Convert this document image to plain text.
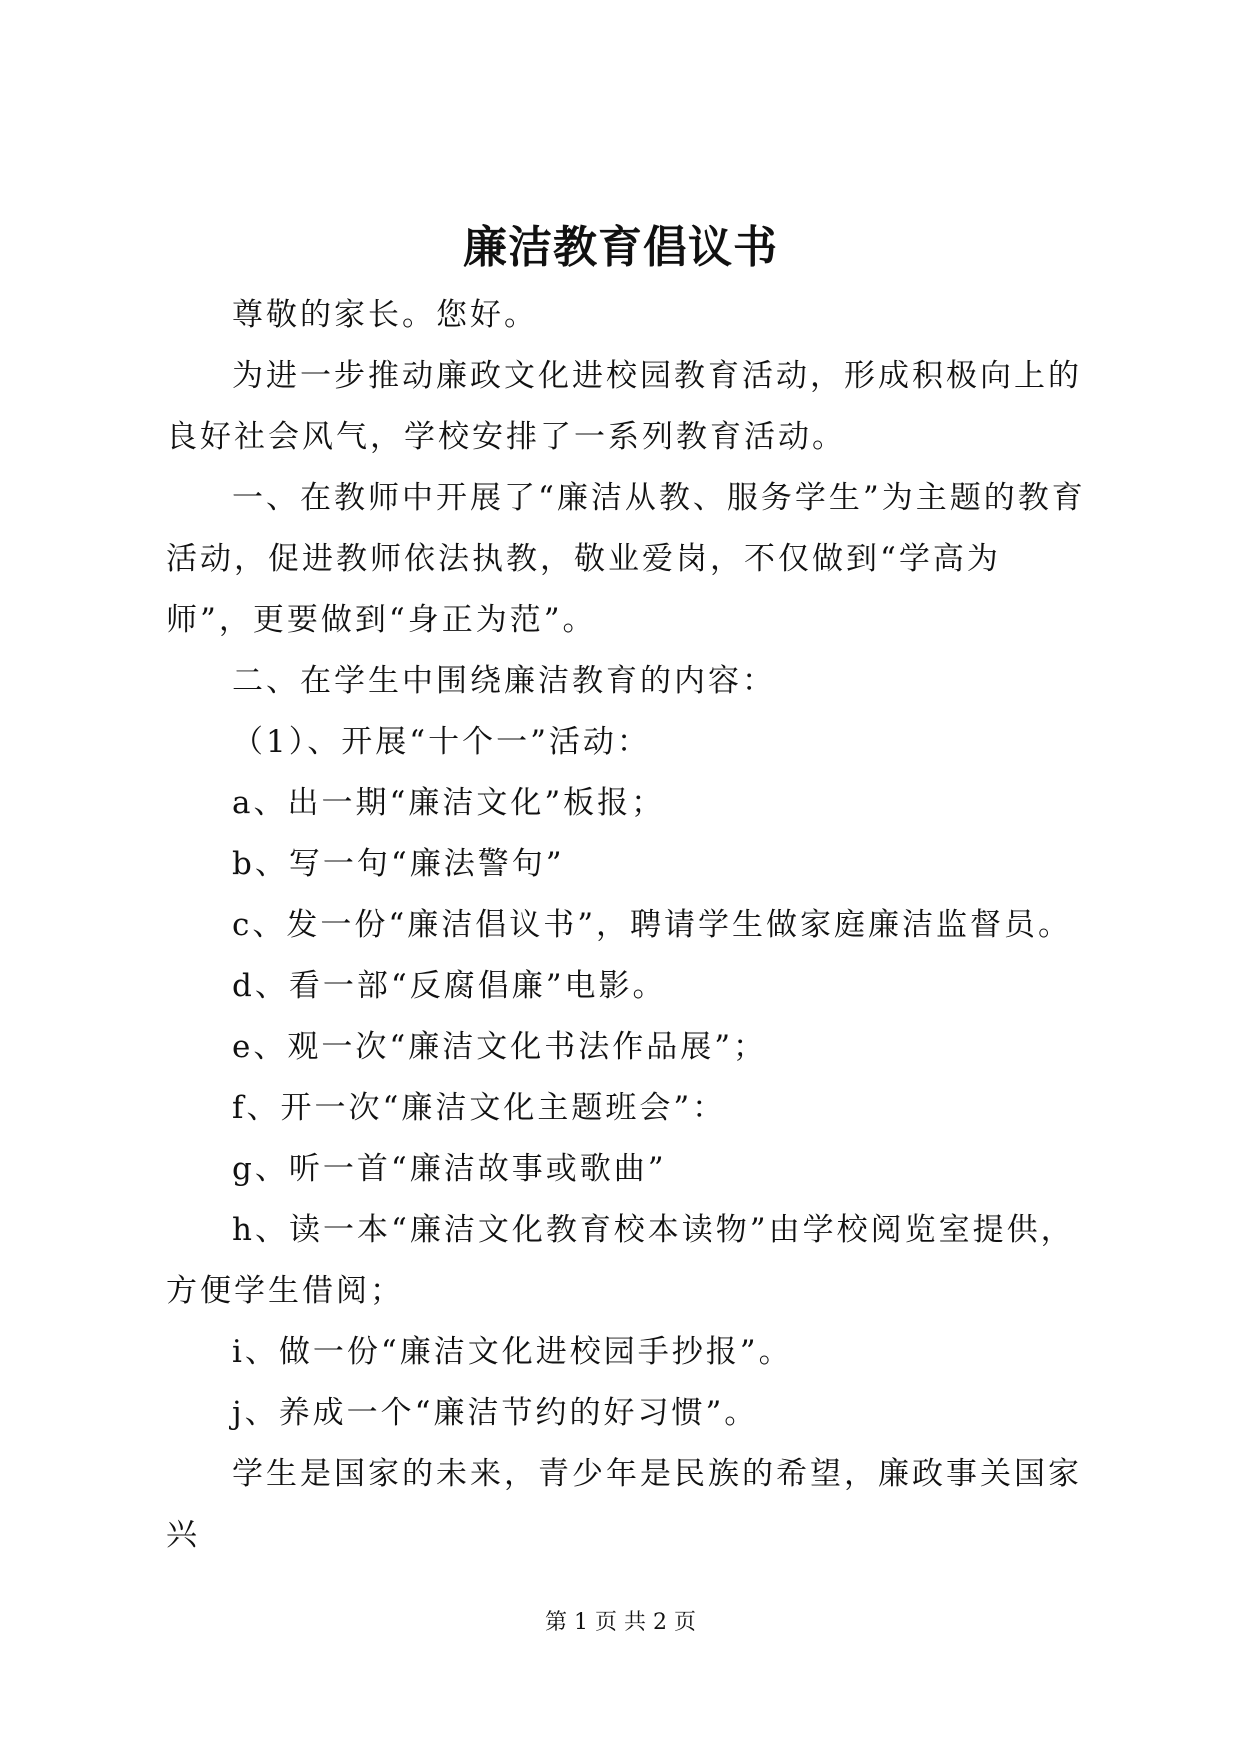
廉洁教育倡议书

尊敬的家长。您好。

为进一步推动廉政文化进校园教育活动，形成积极向上的良好社会风气，学校安排了一系列教育活动。

一、在教师中开展了“廉洁从教、服务学生”为主题的教育活动，促进教师依法执教，敬业爱岗，不仅做到“学高为师”，更要做到“身正为范”。

二、在学生中围绕廉洁教育的内容：

（1）、开展“十个一”活动：

a、出一期“廉洁文化”板报；

b、写一句“廉法警句”

c、发一份“廉洁倡议书”，聘请学生做家庭廉洁监督员。

d、看一部“反腐倡廉”电影。

e、观一次“廉洁文化书法作品展”；

f、开一次“廉洁文化主题班会”：

g、听一首“廉洁故事或歌曲”

h、读一本“廉洁文化教育校本读物”由学校阅览室提供，方便学生借阅；

i、做一份“廉洁文化进校园手抄报”。

j、养成一个“廉洁节约的好习惯”。

学生是国家的未来，青少年是民族的希望，廉政事关国家兴

第 1 页 共 2 页
